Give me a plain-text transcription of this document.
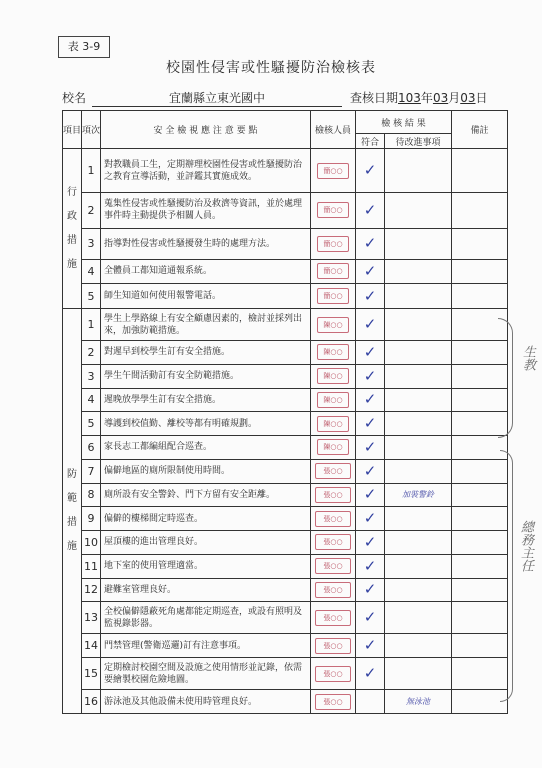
表 3-9
校園性侵害或性騷擾防治檢核表
校名	宜蘭縣立東光國中	查核日期103年03月03日
項目	項次	安 全 檢 視 應 注 意 要 點	檢核人員	檢 核 結 果		備註
				符合	待改進事項	
行政措施	1	對教職員工生，定期辦理校園性侵害或性騷擾防治之教育宣導活動，並評鑑其實施成效。	簡○○	✓		
	2	蒐集性侵害或性騷擾防治及救濟等資訊，並於處理事件時主動提供予相關人員。	簡○○	✓		
	3	指導對性侵害或性騷擾發生時的處理方法。	簡○○	✓		
	4	全體員工都知道通報系統。	簡○○	✓		
	5	師生知道如何使用報警電話。	簡○○	✓		
防範措施	1	學生上學路線上有安全顧慮因素的，檢討並採列出來，加強防範措施。	陳○○	✓		
	2	對遲早到校學生訂有安全措施。	陳○○	✓		
	3	學生午間活動訂有安全防範措施。	陳○○	✓		
	4	遲晚放學學生訂有安全措施。	陳○○	✓		
	5	導護到校值勤、離校等都有明確規劃。	陳○○	✓		
	6	家長志工都編組配合巡查。	陳○○	✓		
	7	偏僻地區的廁所限制使用時間。	張○○	✓		
	8	廁所設有安全警鈴、門下方留有安全距離。	張○○	✓	加裝警鈴	
	9	偏僻的樓梯間定時巡查。	張○○	✓		
	10	屋頂樓的進出管理良好。	張○○	✓		
	11	地下室的使用管理適當。	張○○	✓		
	12	避難室管理良好。	張○○	✓		
	13	全校偏僻隱蔽死角處都能定期巡查，或設有照明及監視錄影器。	張○○	✓		
	14	門禁管理(警衛巡邏)訂有注意事項。	張○○	✓		
	15	定期檢討校園空間及設施之使用情形並記錄，依需要繪製校園危險地圖。	張○○	✓		
	16	游泳池及其他設備未使用時管理良好。	張○○		無泳池	
生教
總務主任
